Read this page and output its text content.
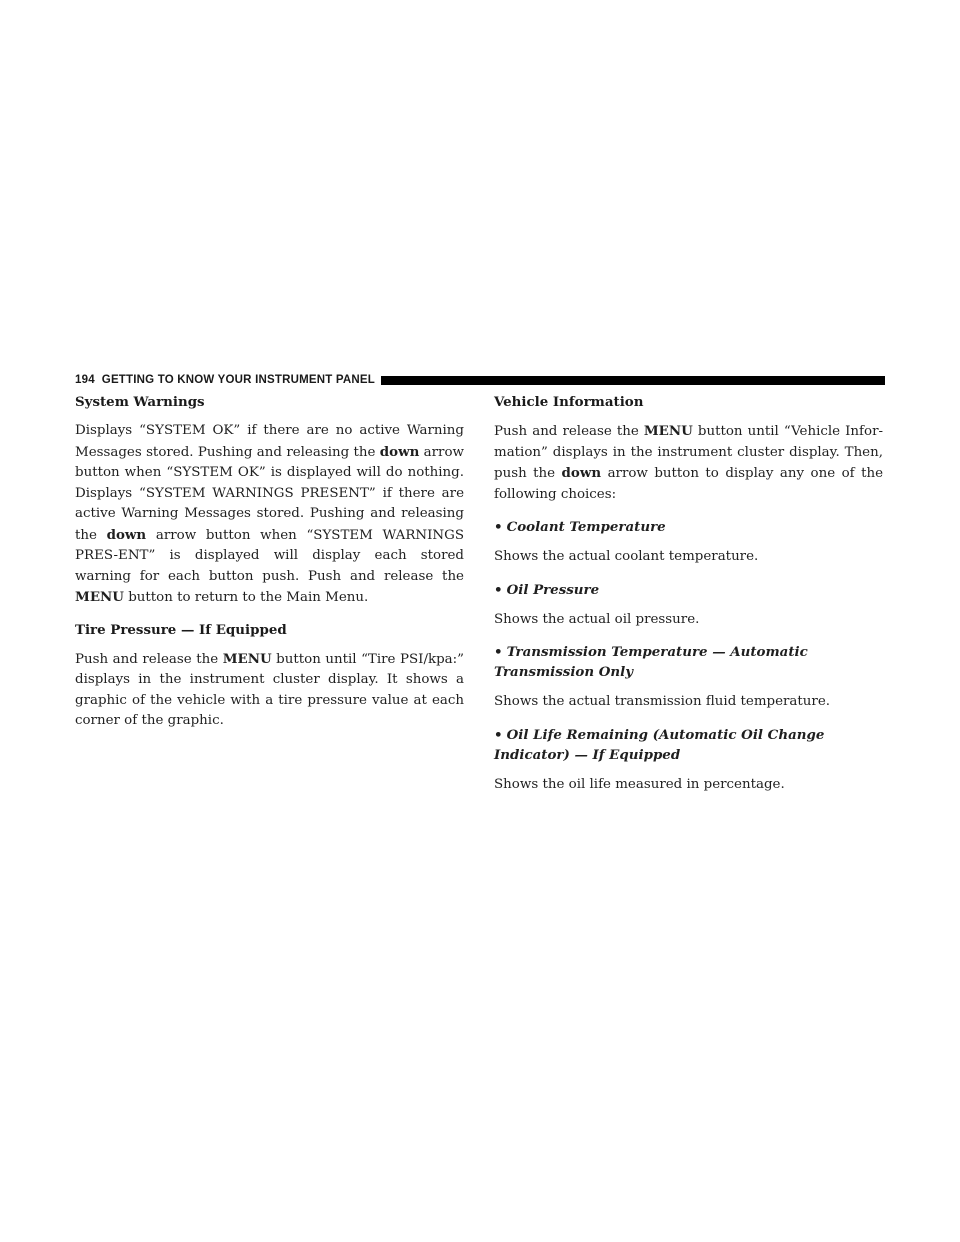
194 GETTING TO KNOW YOUR INSTRUMENT PANEL
System Warnings

Displays “SYSTEM OK” if there are no active Warning Messages stored. Pushing and releasing the down arrow button when “SYSTEM OK” is displayed will do nothing. Displays “SYSTEM WARNINGS PRESENT” if there are active Warning Messages stored. Pushing and releasing the down arrow button when “SYSTEM WARNINGS PRES-ENT” is displayed will display each stored warning for each button push. Push and release the MENU button to return to the Main Menu.

Tire Pressure — If Equipped

Push and release the MENU button until “Tire PSI/kpa:” displays in the instrument cluster display. It shows a graphic of the vehicle with a tire pressure value at each corner of the graphic.

Vehicle Information

Push and release the MENU button until “Vehicle Infor-mation” displays in the instrument cluster display. Then, push the down arrow button to display any one of the following choices:

• Coolant Temperature

Shows the actual coolant temperature.

• Oil Pressure

Shows the actual oil pressure.

• Transmission Temperature — Automatic Transmission Only

Shows the actual transmission fluid temperature.

• Oil Life Remaining (Automatic Oil Change Indicator) — If Equipped

Shows the oil life measured in percentage.
